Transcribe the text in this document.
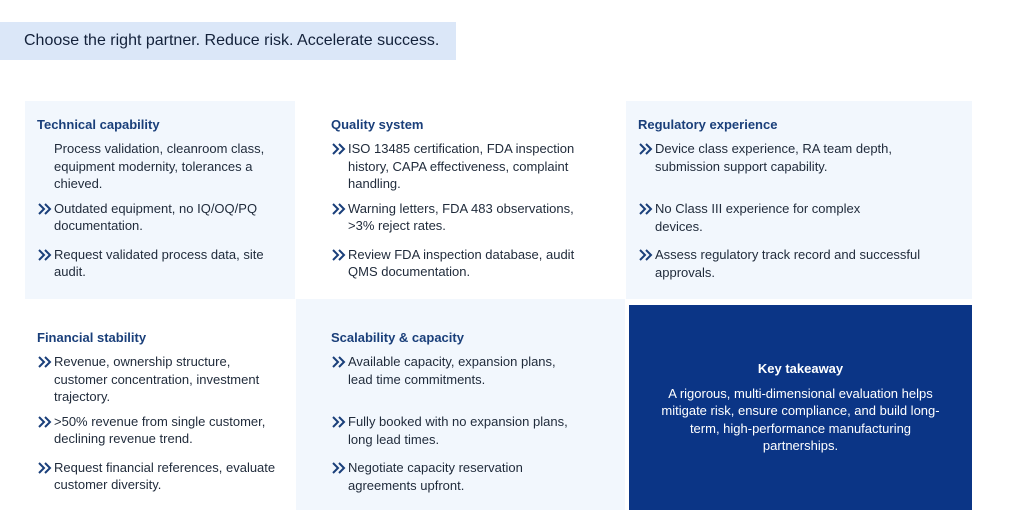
Choose the right partner. Reduce risk. Accelerate success.
Technical capability
Process validation, cleanroom class, equipment modernity, tolerances a chieved.
Outdated equipment, no IQ/OQ/PQ documentation.
Request validated process data, site audit.
Quality system
ISO 13485 certification, FDA inspection history, CAPA effectiveness, complaint handling.
Warning letters, FDA 483 observations, >3% reject rates.
Review FDA inspection database, audit QMS documentation.
Regulatory experience
Device class experience, RA team depth, submission support capability.
No Class III experience for complex devices.
Assess regulatory track record and successful approvals.
Financial stability
Revenue, ownership structure, customer concentration, investment trajectory.
>50% revenue from single customer, declining revenue trend.
Request financial references, evaluate customer diversity.
Scalability & capacity
Available capacity, expansion plans, lead time commitments.
Fully booked with no expansion plans, long lead times.
Negotiate capacity reservation agreements upfront.
Key takeaway
A rigorous, multi-dimensional evaluation helps mitigate risk, ensure compliance, and build long-term, high-performance manufacturing partnerships.
